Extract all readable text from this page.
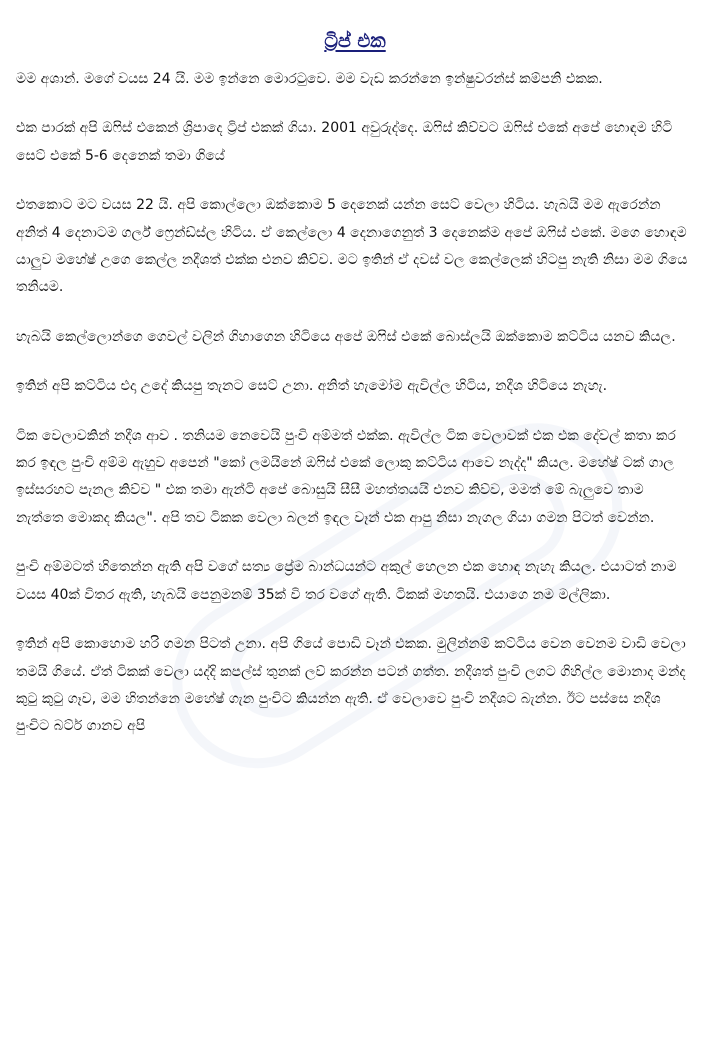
ට්‍රිප් එක

මම අශාන්. මගේ වයස 24 යි. මම ඉන්නෙ මොරටුවෙ. මම වැඩ කරන්නෙ ඉන්ෂුවරන්ස් කම්පනි එකක.

එක පාරක් අපි ඔෆිස් එකෙන් ශ්‍රිපාදෙ ට්‍රිප් එකක් ගියා. 2001 අවුරුද්දෙ. ඔෆිස් කිව්වට ඔෆිස් එකේ අපේ හොඳම හිටි සෙට් එකේ 5-6 දෙනෙක් තමා ගියේ

එතකොට මට වයස 22 යි. අපි කොල්ලො ඔක්කොම 5 දෙනෙක් යන්න සෙට් වෙලා හිටිය. හැබයි මම ඇරෙන්න අනිත් 4 දෙනාටම ගර්ල් ෆ්‍රෙන්ඩ්ස්ල හිටිය. ඒ කෙල්ලො 4 දෙනාගෙනුත් 3 දෙනෙක්ම අපේ ඔෆිස් එකේ. මගෙ හොඳම යාලුව මහේෂ් උගෙ කෙල්ල නදීශත් එක්ක එනව කිව්ව. මට ඉතින් ඒ දවස් වල කෙල්ලෙක් හිටපු නැති නිසා මම ගියෙ තනියම.

හැබයි කෙල්ලොන්ගෙ ගෙවල් වලින් ගිහාගෙන හිටියෙ අපේ ඔෆිස් එකේ බොස්ලයි ඔක්කොම කට්ටිය යනව කියල.

ඉතින් අපි කට්ටිය එදා උදේ කියපු තැනට සෙට් උනා. අනිත් හැමෝම ඇවිල්ල හිටිය, නදීශ හිටියෙ නැහැ.

ටික වෙලාවකින් නදීශ ආව . තනියම නෙවෙයි පුංචි අම්මත් එක්ක. ඇවිල්ල ටික වෙලාවක් එක එක දේවල් කතා කර කර ඉඳල පුංචි අම්ම ඇහුව අපෙන් "කෝ ලමයිනේ ඔෆිස් එකේ ලොකු කට්ටිය ආවෙ නැද්ද" කියල. මහේෂ් ටක් ගාල ඉස්සරහට පැනල කිව්ව " එක තමා ඇන්ටි අපේ බොසුයි සීසී මහත්තයයි එනව කිව්ව, මමත් මේ බැලුවෙ තාම නැත්තෙ මොකද කියල". අපි තව ටිකක වෙලා බලන් ඉඳල වෑන් එක ආපු නිසා නැගල ගියා ගමන පිටත් වෙන්න.

පුංචි අම්මටත් හිතෙන්න ඇති අපි වගේ සත්‍ය ප්‍රේම බාන්ධයන්ට අකුල් හෙලන එක හොඳ නැහැ කියල. එයාටත් නාම වයස 40ක් විතර ඇති, හැබයි පෙනුමනම් 35ක් වි තර වගේ ඇති. ටිකක් මහතයි. එයාගෙ නම මල්ලිකා.

ඉතින් අපි කොහොම හරි ගමන පිටත් උනා. අපි ගියේ පොඩි වෑන් එකක. මුලින්නම් කට්ටිය වෙන වෙනම වාඩි වෙලා තමයි ගියේ. ඒත් ටිකක් වෙලා යද්දි කපල්ස් තුනක් ලව් කරන්න පටන් ගත්ත. නදීශත් පුංචි ලගට ගිහිල්ල මොනාද මන්ද කුටු කුටු ගෑව, මම හිතන්නෙ මහේෂ් ගැන පුංචිට කියන්න ඇති. ඒ වෙලාවෙ පුංචි නදීශට බැන්න. ඊට පස්සෙ නදීශ පුංචිට බට්ර් ගානව අපි
